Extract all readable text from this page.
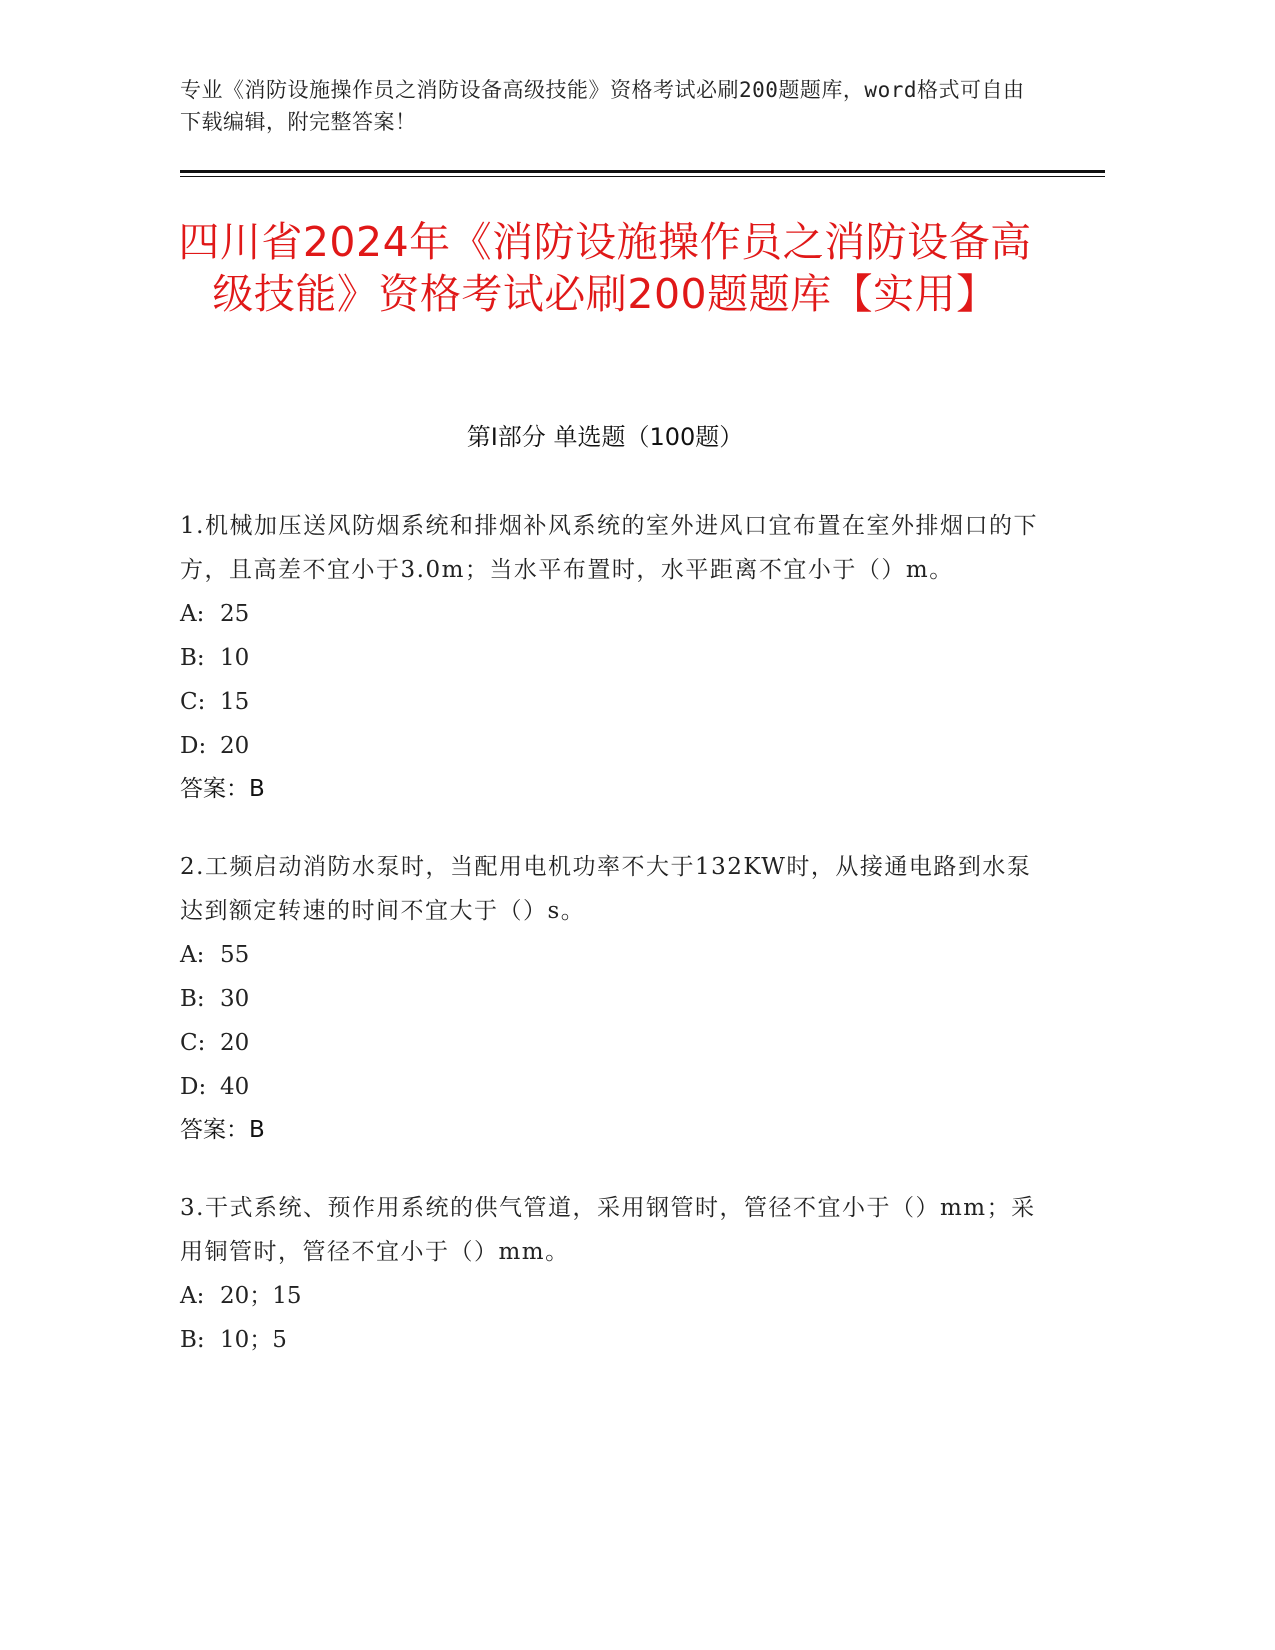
专业《消防设施操作员之消防设备高级技能》资格考试必刷200题题库，word格式可自由下载编辑，附完整答案！
四川省2024年《消防设施操作员之消防设备高级技能》资格考试必刷200题题库【实用】
第I部分 单选题（100题）

1.机械加压送风防烟系统和排烟补风系统的室外进风口宜布置在室外排烟口的下方，且高差不宜小于3.0m；当水平布置时，水平距离不宜小于（）m。

A: 25

B: 10

C: 15

D: 20

答案：B

2.工频启动消防水泵时，当配用电机功率不大于132KW时，从接通电路到水泵达到额定转速的时间不宜大于（）s。

A: 55

B: 30

C: 20

D: 40

答案：B

3.干式系统、预作用系统的供气管道，采用钢管时，管径不宜小于（）mm；采用铜管时，管径不宜小于（）mm。

A: 20；15

B: 10；5
